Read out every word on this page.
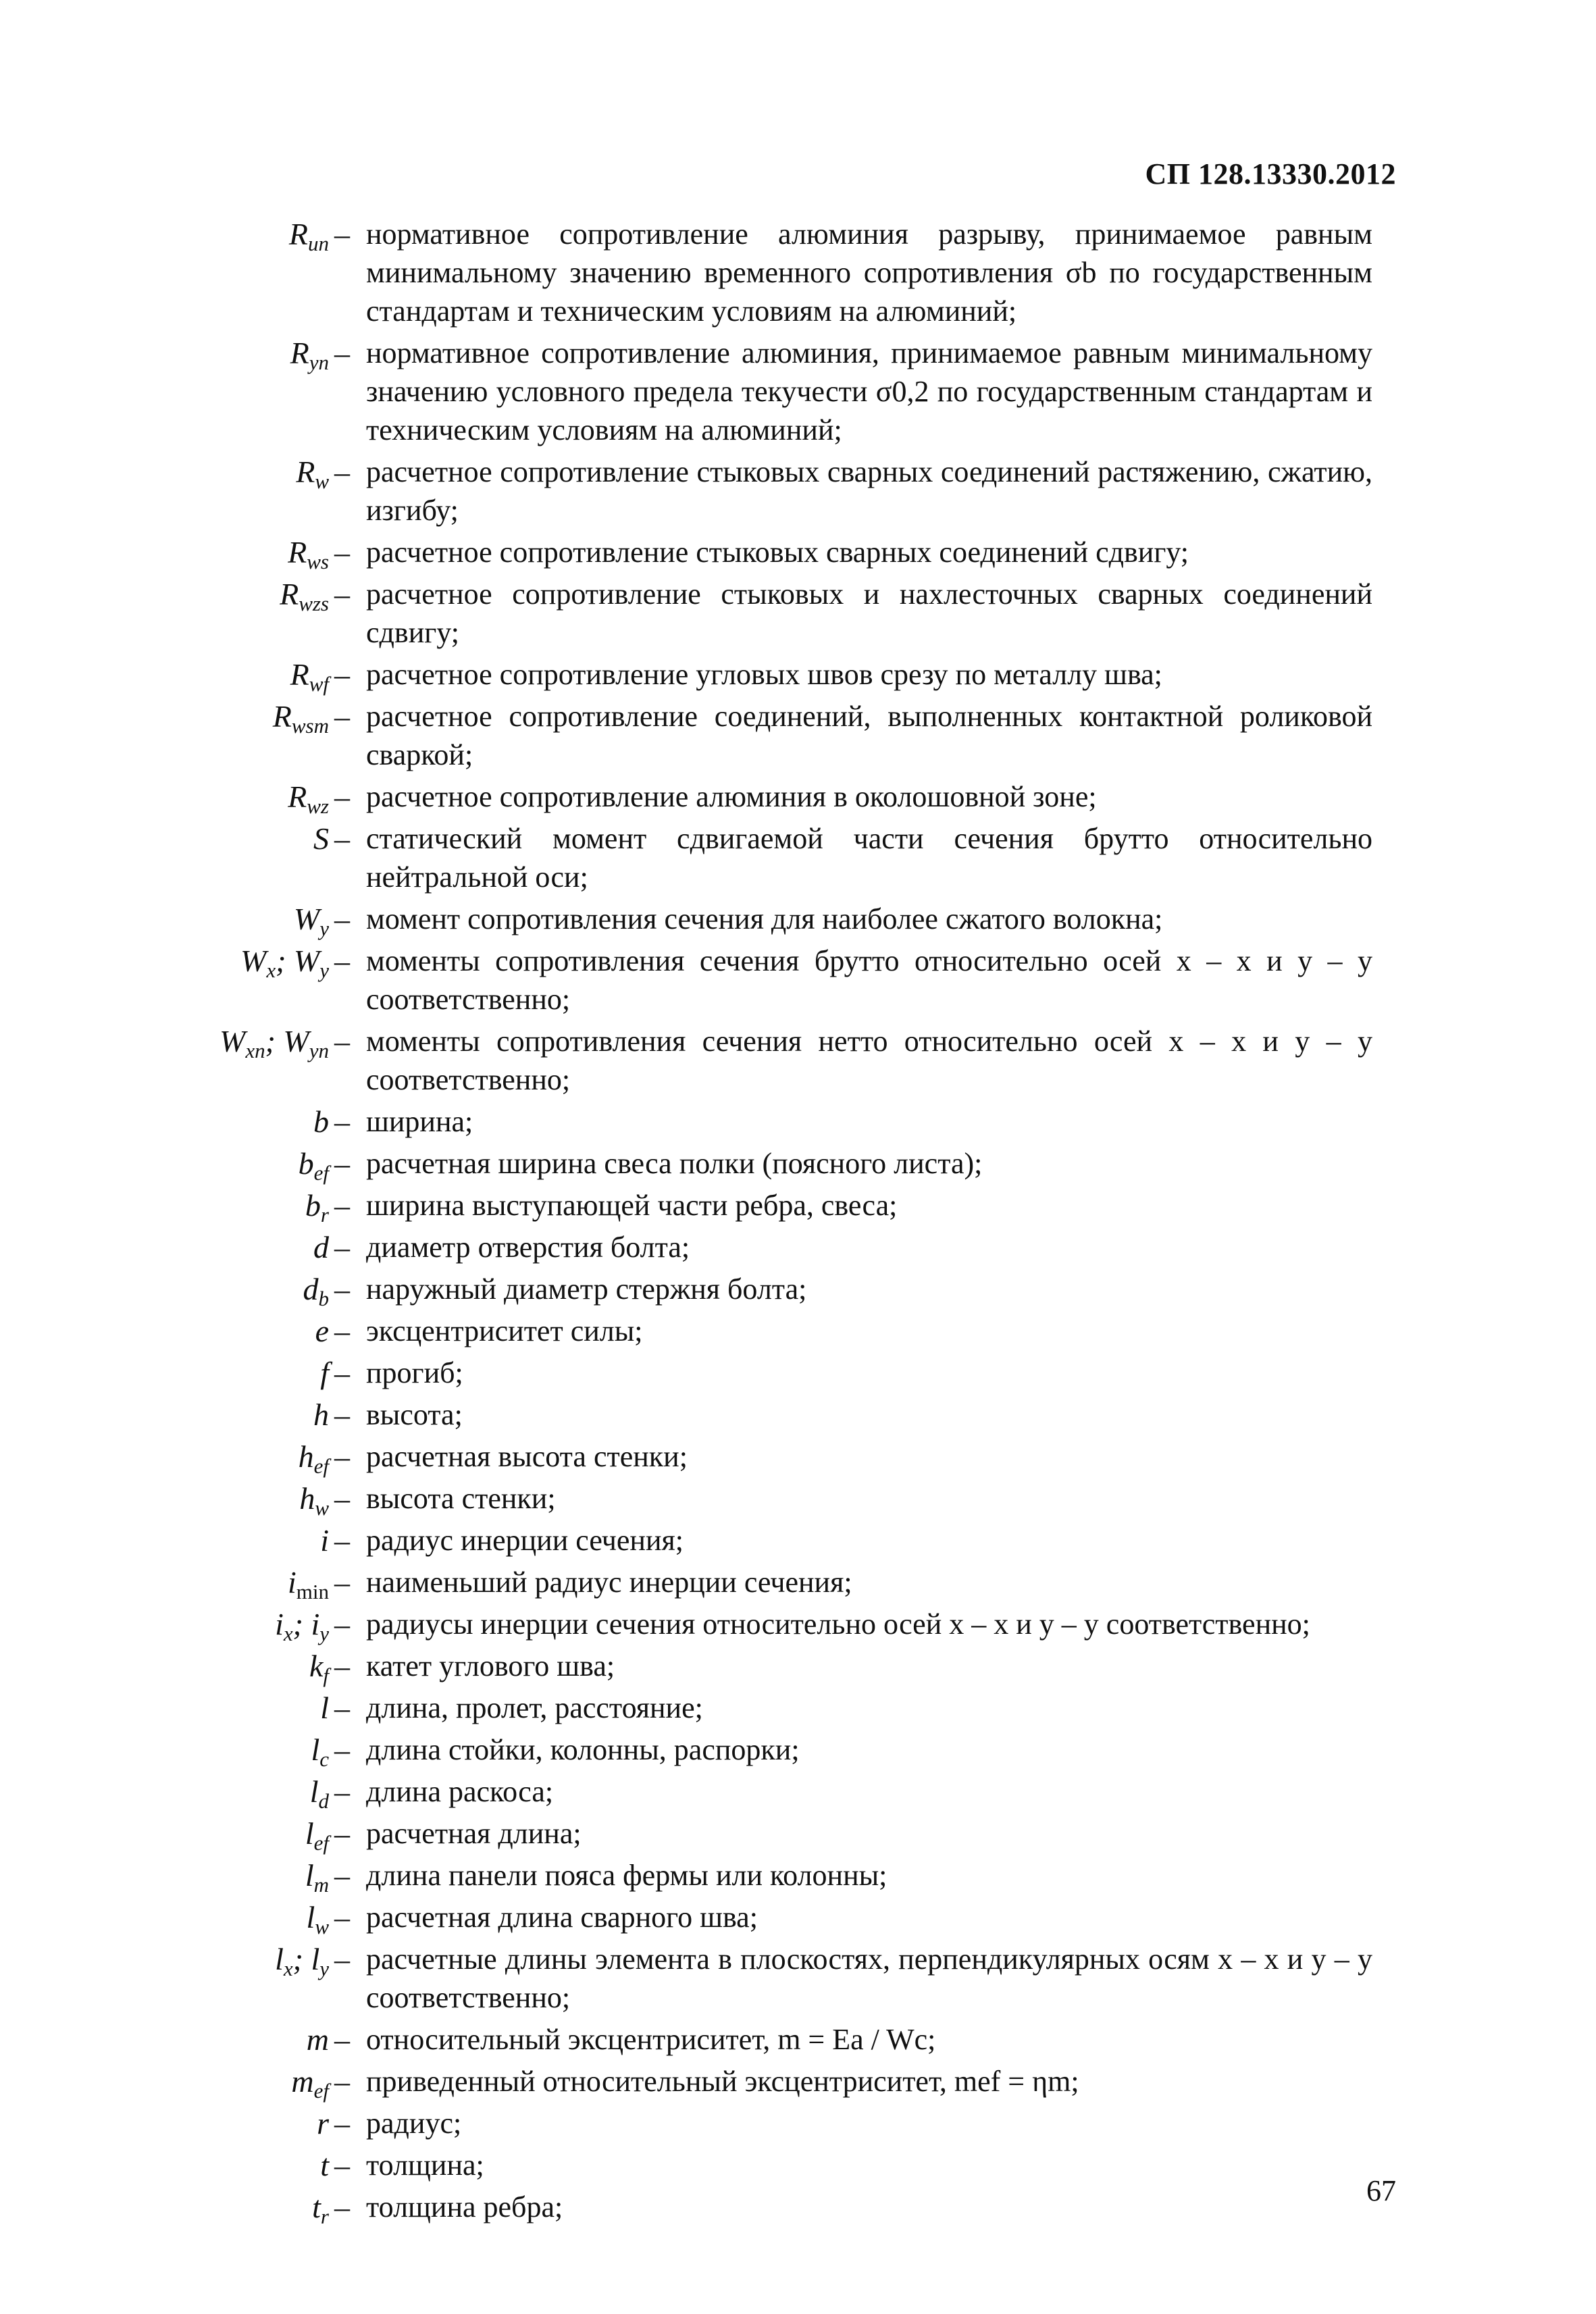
СП 128.13330.2012
$R_{un}$ – нормативное сопротивление алюминия разрыву, принимаемое равным минимальному значению временного сопротивления σb по государственным стандартам и техническим условиям на алюминий;
$R_{yn}$ – нормативное сопротивление алюминия, принимаемое равным минимальному значению условного предела текучести σ0,2 по государственным стандартам и техническим условиям на алюминий;
$R_w$ – расчетное сопротивление стыковых сварных соединений растяжению, сжатию, изгибу;
$R_{ws}$ – расчетное сопротивление стыковых сварных соединений сдвигу;
$R_{wzs}$ – расчетное сопротивление стыковых и нахлесточных сварных соединений сдвигу;
$R_{wf}$ – расчетное сопротивление угловых швов срезу по металлу шва;
$R_{wsm}$ – расчетное сопротивление соединений, выполненных контактной роликовой сваркой;
$R_{wz}$ – расчетное сопротивление алюминия в околошовной зоне;
S – статический момент сдвигаемой части сечения брутто относительно нейтральной оси;
$W_y$ – момент сопротивления сечения для наиболее сжатого волокна;
$W_x$; $W_y$ – моменты сопротивления сечения брутто относительно осей x – x и y – y соответственно;
$W_{xn}$; $W_{yn}$ – моменты сопротивления сечения нетто относительно осей x – x и y – y соответственно;
b – ширина;
$b_{ef}$ – расчетная ширина свеса полки (поясного листа);
$b_r$ – ширина выступающей части ребра, свеса;
d – диаметр отверстия болта;
$d_b$ – наружный диаметр стержня болта;
e – эксцентриситет силы;
f – прогиб;
h – высота;
$h_{ef}$ – расчетная высота стенки;
$h_w$ – высота стенки;
i – радиус инерции сечения;
$i_{min}$ – наименьший радиус инерции сечения;
$i_x$; $i_y$ – радиусы инерции сечения относительно осей x – x и y – y соответственно;
$k_f$ – катет углового шва;
l – длина, пролет, расстояние;
$l_c$ – длина стойки, колонны, распорки;
$l_d$ – длина раскоса;
$l_{ef}$ – расчетная длина;
$l_m$ – длина панели пояса фермы или колонны;
$l_w$ – расчетная длина сварного шва;
$l_x$; $l_y$ – расчетные длины элемента в плоскостях, перпендикулярных осям x – x и y – y соответственно;
m – относительный эксцентриситет, m = Ea / Wc;
$m_{ef}$ – приведенный относительный эксцентриситет, mef = ηm;
r – радиус;
t – толщина;
$t_r$ – толщина ребра;	67
